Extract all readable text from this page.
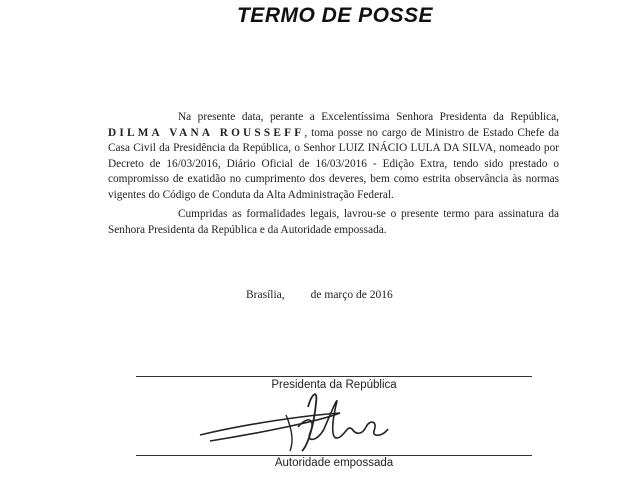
TERMO DE POSSE
Na presente data, perante a Excelentíssima Senhora Presidenta da República, DILMA VANA ROUSSEFF, toma posse no cargo de Ministro de Estado Chefe da Casa Civil da Presidência da República, o Senhor LUIZ INÁCIO LULA DA SILVA, nomeado por Decreto de 16/03/2016, Diário Oficial de 16/03/2016 - Edição Extra, tendo sido prestado o compromisso de exatidão no cumprimento dos deveres, bem como estrita observância às normas vigentes do Código de Conduta da Alta Administração Federal.
Cumpridas as formalidades legais, lavrou-se o presente termo para assinatura da Senhora Presidenta da República e da Autoridade empossada.
Brasília, de março de 2016
Presidenta da República
Autoridade empossada
